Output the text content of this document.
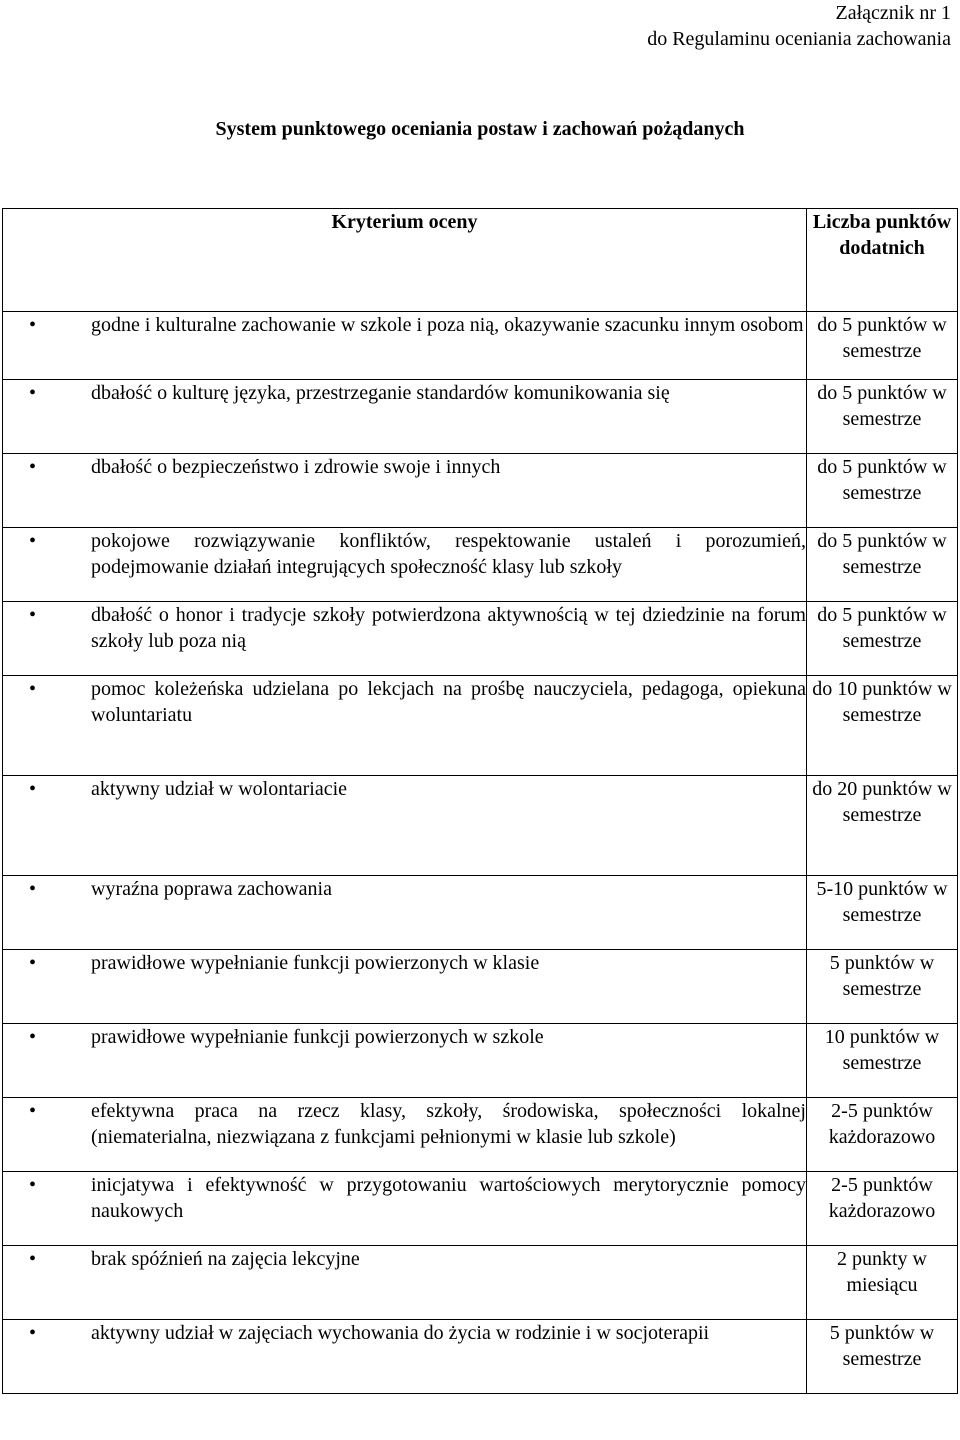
Załącznik nr 1
do Regulaminu oceniania zachowania
System punktowego oceniania postaw i zachowań pożądanych
Kryterium oceny	Liczba punktów dodatnich

• godne i kulturalne zachowanie w szkole i poza nią, okazywanie szacunku innym osobom	do 5 punktów w semestrze

• dbałość o kulturę języka, przestrzeganie standardów komunikowania się	do 5 punktów w semestrze

• dbałość o bezpieczeństwo i zdrowie swoje i innych	do 5 punktów w semestrze

• pokojowe rozwiązywanie konfliktów, respektowanie ustaleń i porozumień, podejmowanie działań integrujących społeczność klasy lub szkoły	do 5 punktów w semestrze

• dbałość o honor i tradycje szkoły potwierdzona aktywnością w tej dziedzinie na forum szkoły lub poza nią	do 5 punktów w semestrze

• pomoc koleżeńska udzielana po lekcjach na prośbę nauczyciela, pedagoga, opiekuna woluntariatu	do 10 punktów w semestrze

• aktywny udział w wolontariacie	do 20 punktów w semestrze

• wyraźna poprawa zachowania	5-10 punktów w semestrze

• prawidłowe wypełnianie funkcji powierzonych w klasie	5 punktów w semestrze

• prawidłowe wypełnianie funkcji powierzonych w szkole	10 punktów w semestrze

• efektywna praca na rzecz klasy, szkoły, środowiska, społeczności lokalnej (niematerialna, niezwiązana z funkcjami pełnionymi w klasie lub szkole)	2-5 punktów każdorazowo

• inicjatywa i efektywność w przygotowaniu wartościowych merytorycznie pomocy naukowych	2-5 punktów każdorazowo

• brak spóźnień na zajęcia lekcyjne	2 punkty w miesiącu

• aktywny udział w zajęciach wychowania do życia w rodzinie i w socjoterapii	5 punktów w semestrze
